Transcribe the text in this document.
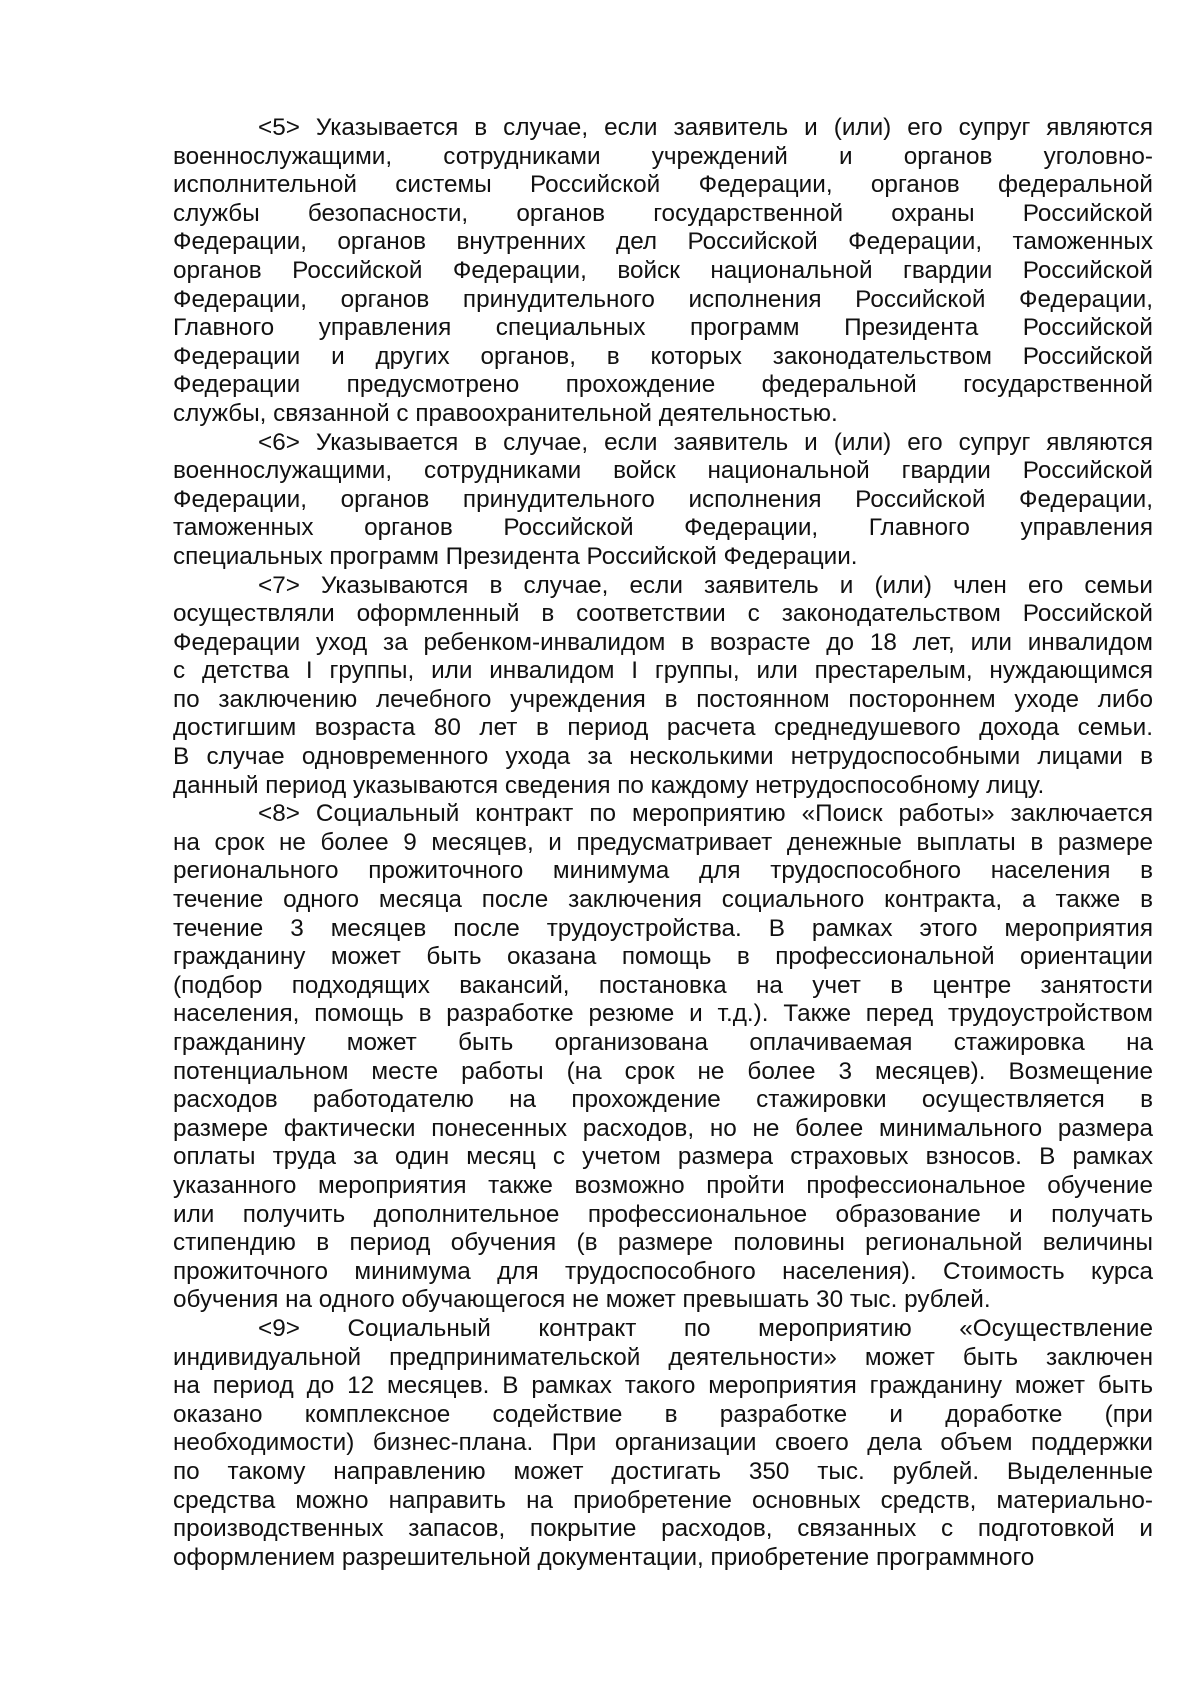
<5> Указывается в случае, если заявитель и (или) его супруг являются
военнослужащими, сотрудниками учреждений и органов уголовно-
исполнительной системы Российской Федерации, органов федеральной
службы безопасности, органов государственной охраны Российской
Федерации, органов внутренних дел Российской Федерации, таможенных
органов Российской Федерации, войск национальной гвардии Российской
Федерации, органов принудительного исполнения Российской Федерации,
Главного управления специальных программ Президента Российской
Федерации и других органов, в которых законодательством Российской
Федерации предусмотрено прохождение федеральной государственной
службы, связанной с правоохранительной деятельностью.
<6> Указывается в случае, если заявитель и (или) его супруг являются
военнослужащими, сотрудниками войск национальной гвардии Российской
Федерации, органов принудительного исполнения Российской Федерации,
таможенных органов Российской Федерации, Главного управления
специальных программ Президента Российской Федерации.
<7> Указываются в случае, если заявитель и (или) член его семьи
осуществляли оформленный в соответствии с законодательством Российской
Федерации уход за ребенком-инвалидом в возрасте до 18 лет, или инвалидом
с детства I группы, или инвалидом I группы, или престарелым, нуждающимся
по заключению лечебного учреждения в постоянном постороннем уходе либо
достигшим возраста 80 лет в период расчета среднедушевого дохода семьи.
В случае одновременного ухода за несколькими нетрудоспособными лицами в
данный период указываются сведения по каждому нетрудоспособному лицу.
<8> Социальный контракт по мероприятию «Поиск работы» заключается
на срок не более 9 месяцев, и предусматривает денежные выплаты в размере
регионального прожиточного минимума для трудоспособного населения в
течение одного месяца после заключения социального контракта, а также в
течение 3 месяцев после трудоустройства. В рамках этого мероприятия
гражданину может быть оказана помощь в профессиональной ориентации
(подбор подходящих вакансий, постановка на учет в центре занятости
населения, помощь в разработке резюме и т.д.). Также перед трудоустройством
гражданину может быть организована оплачиваемая стажировка на
потенциальном месте работы (на срок не более 3 месяцев). Возмещение
расходов работодателю на прохождение стажировки осуществляется в
размере фактически понесенных расходов, но не более минимального размера
оплаты труда за один месяц с учетом размера страховых взносов. В рамках
указанного мероприятия также возможно пройти профессиональное обучение
или получить дополнительное профессиональное образование и получать
стипендию в период обучения (в размере половины региональной величины
прожиточного минимума для трудоспособного населения). Стоимость курса
обучения на одного обучающегося не может превышать 30 тыс. рублей.
<9> Социальный контракт по мероприятию «Осуществление
индивидуальной предпринимательской деятельности» может быть заключен
на период до 12 месяцев. В рамках такого мероприятия гражданину может быть
оказано комплексное содействие в разработке и доработке (при
необходимости) бизнес-плана. При организации своего дела объем поддержки
по такому направлению может достигать 350 тыс. рублей. Выделенные
средства можно направить на приобретение основных средств, материально-
производственных запасов, покрытие расходов, связанных с подготовкой и
оформлением разрешительной документации, приобретение программного
